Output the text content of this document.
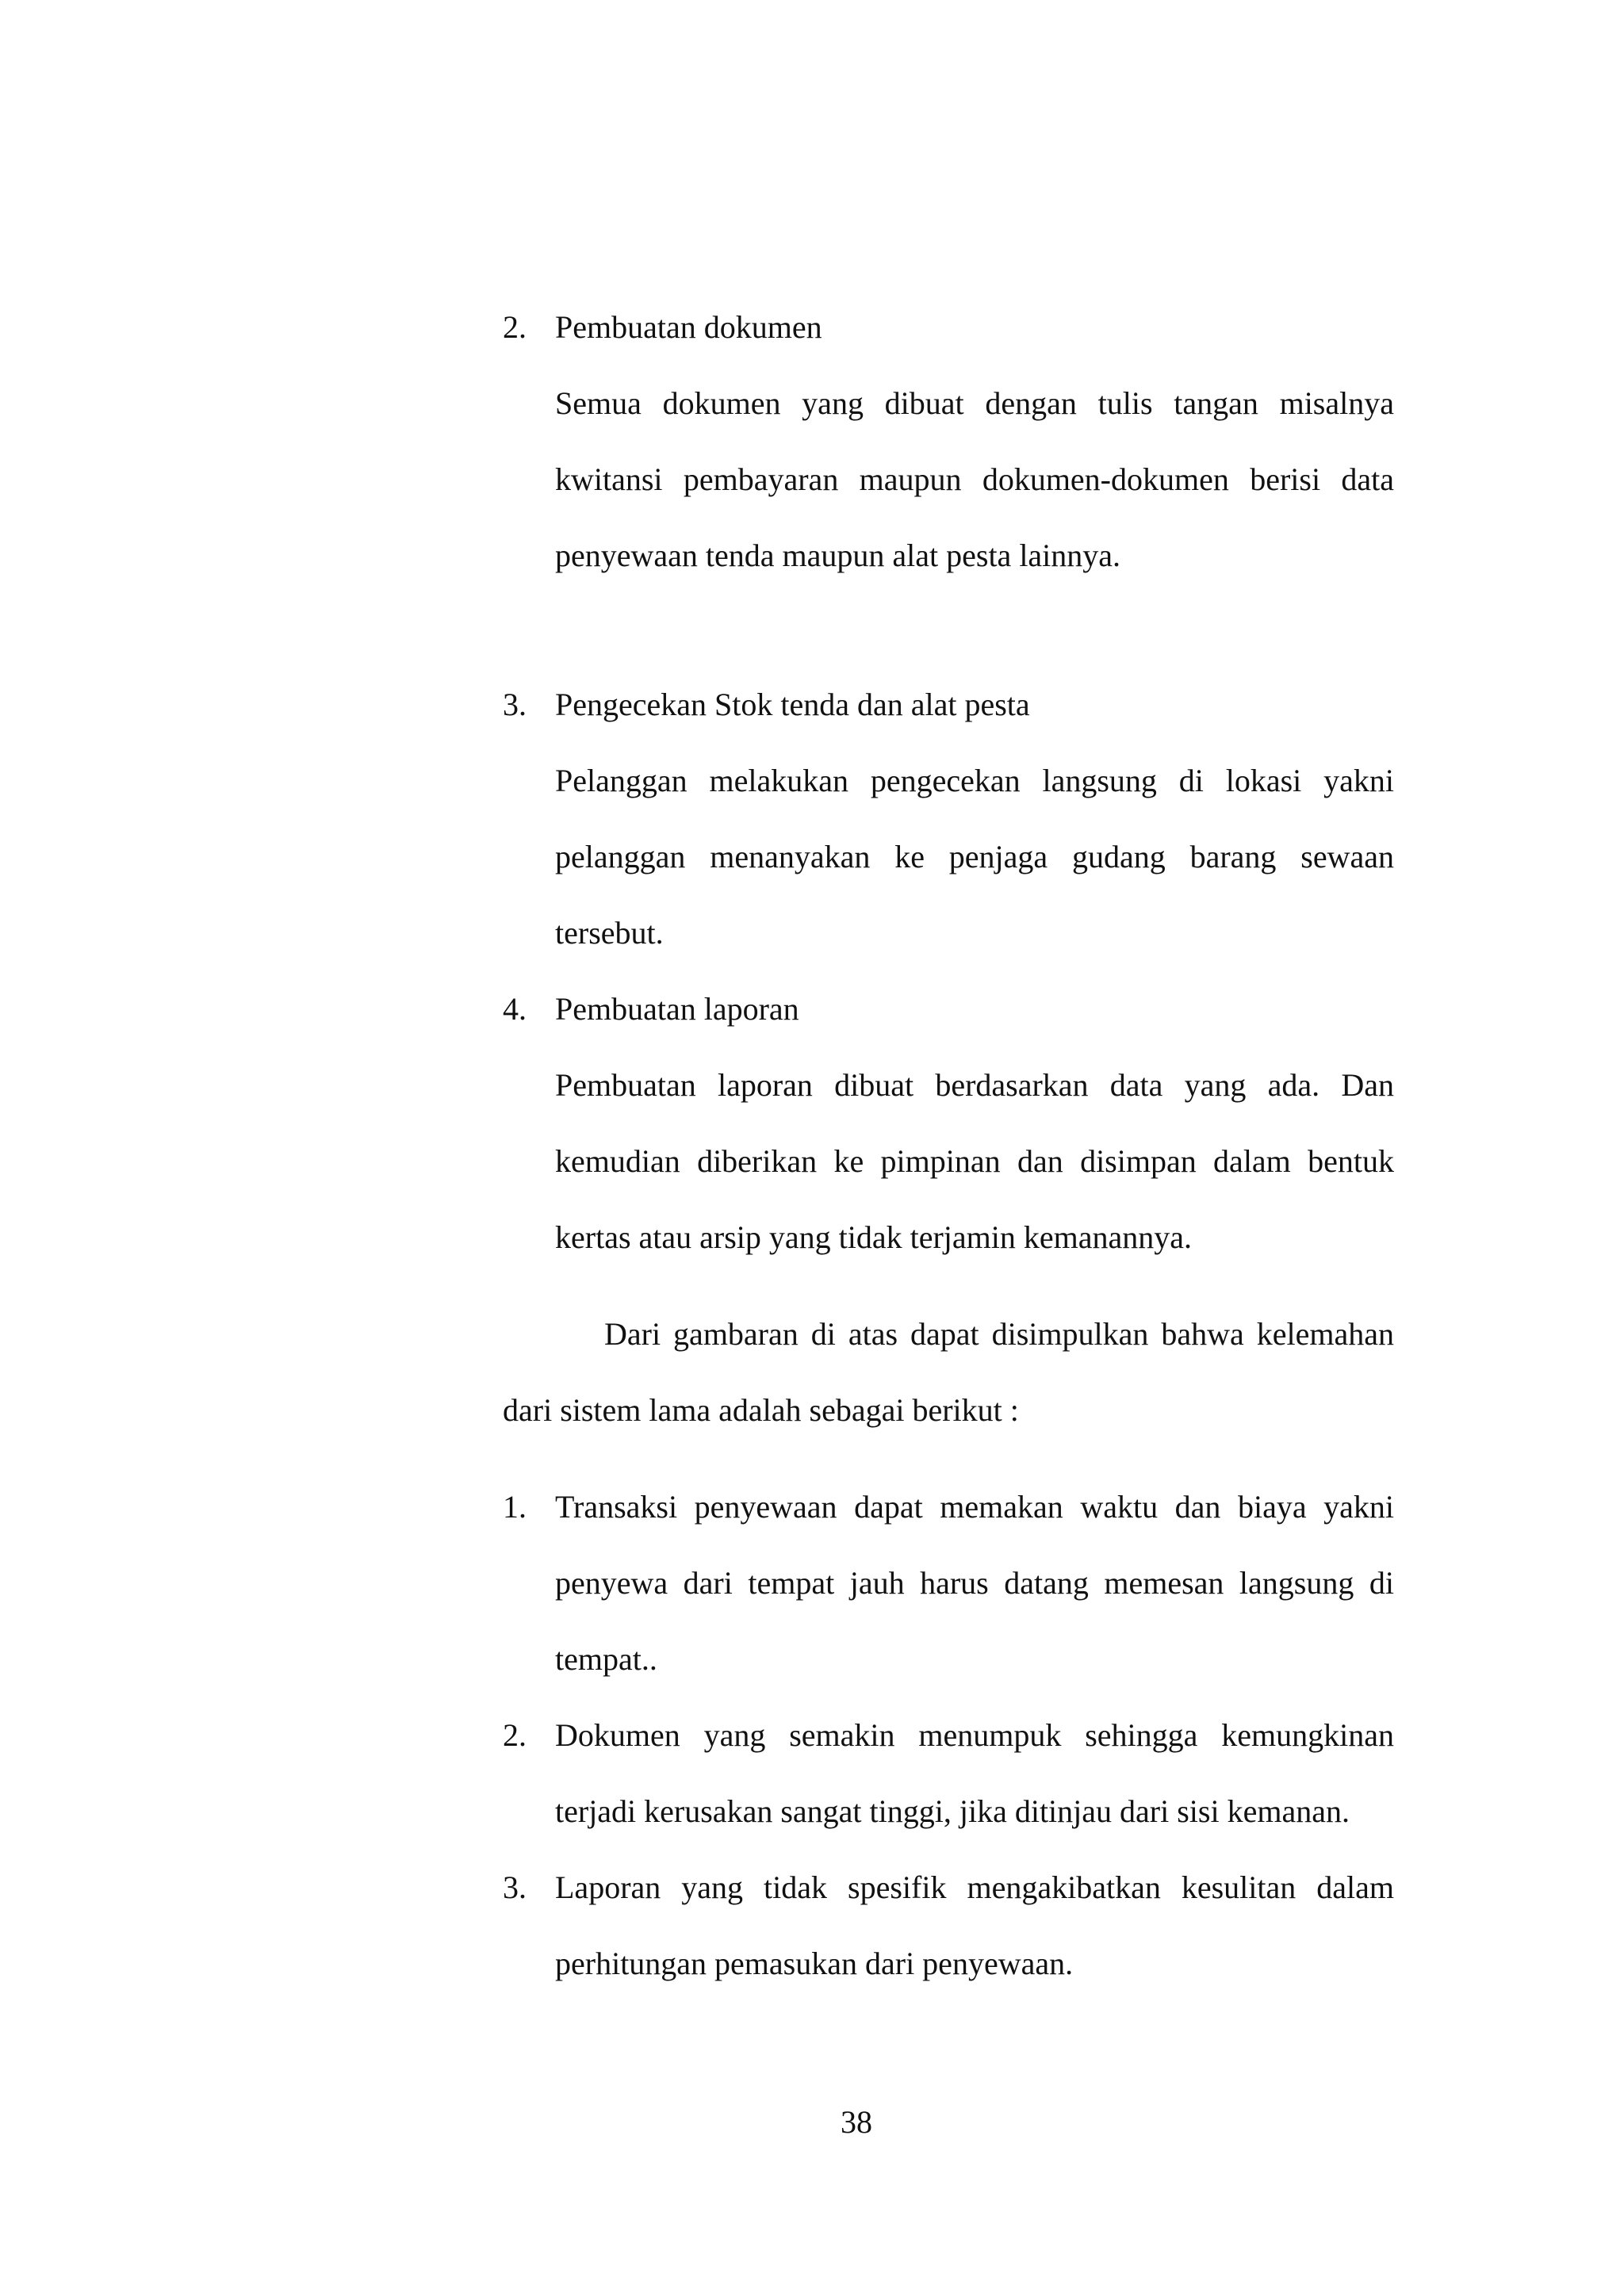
2. Pembuatan dokumen
Semua dokumen yang dibuat dengan tulis tangan misalnya
kwitansi pembayaran maupun dokumen-dokumen berisi data
penyewaan tenda maupun alat pesta lainnya.
3. Pengecekan Stok tenda dan alat pesta
Pelanggan melakukan pengecekan langsung di lokasi yakni
pelanggan menanyakan ke penjaga gudang barang sewaan
tersebut.
4. Pembuatan laporan
Pembuatan laporan dibuat berdasarkan data yang ada. Dan
kemudian diberikan ke pimpinan dan disimpan dalam bentuk
kertas atau arsip yang tidak terjamin kemanannya.
Dari gambaran di atas dapat disimpulkan bahwa kelemahan
dari sistem lama adalah sebagai berikut :
1. Transaksi penyewaan dapat memakan waktu dan biaya yakni
penyewa dari tempat jauh harus datang memesan langsung di
tempat..
2. Dokumen yang semakin menumpuk sehingga kemungkinan
terjadi kerusakan sangat tinggi, jika ditinjau dari sisi kemanan.
3. Laporan yang tidak spesifik mengakibatkan kesulitan dalam
perhitungan pemasukan dari penyewaan.
38
